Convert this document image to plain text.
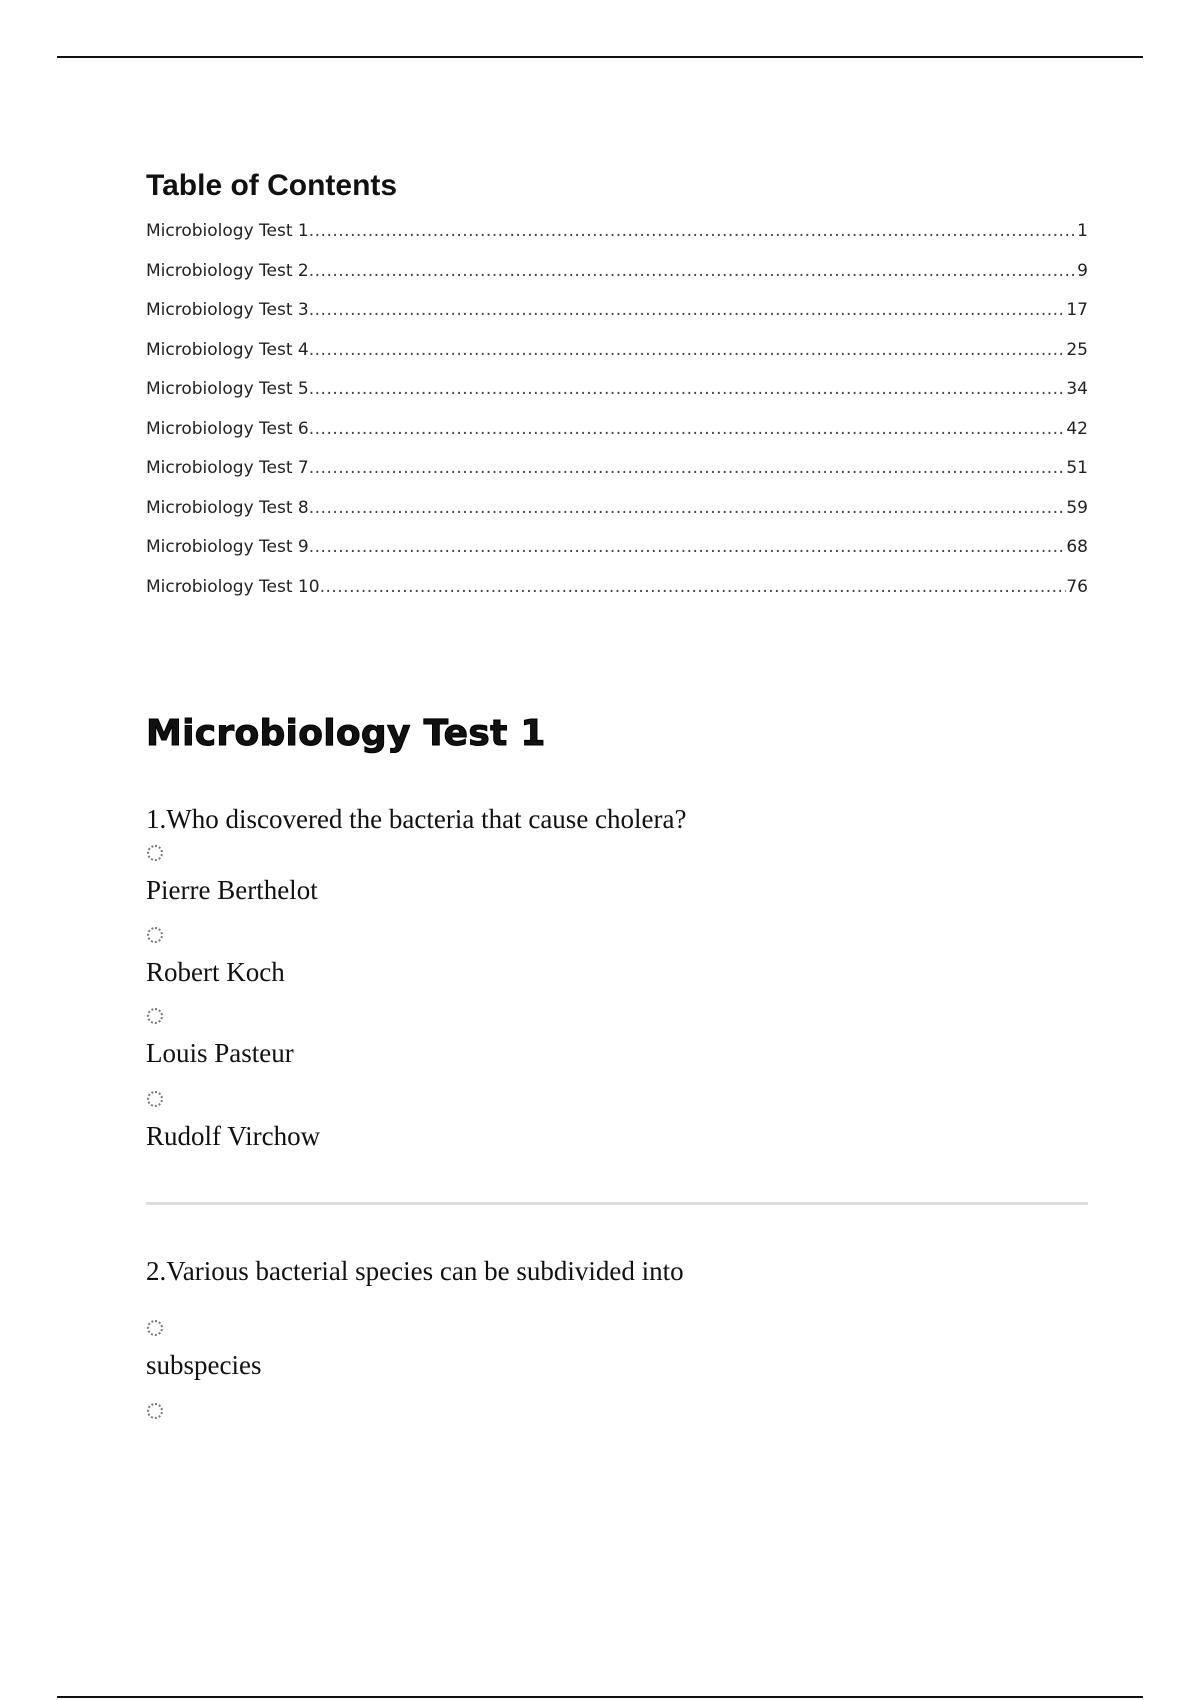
Table of Contents
Microbiology Test 1 .....	1
Microbiology Test 2 .....	9
Microbiology Test 3 .....	17
Microbiology Test 4 .....	25
Microbiology Test 5 .....	34
Microbiology Test 6 .....	42
Microbiology Test 7 .....	51
Microbiology Test 8 .....	59
Microbiology Test 9 .....	68
Microbiology Test 10 .....	76
Microbiology Test 1
1.Who discovered the bacteria that cause cholera?
Pierre Berthelot
Robert Koch
Louis Pasteur
Rudolf Virchow
2.Various bacterial species can be subdivided into
subspecies
